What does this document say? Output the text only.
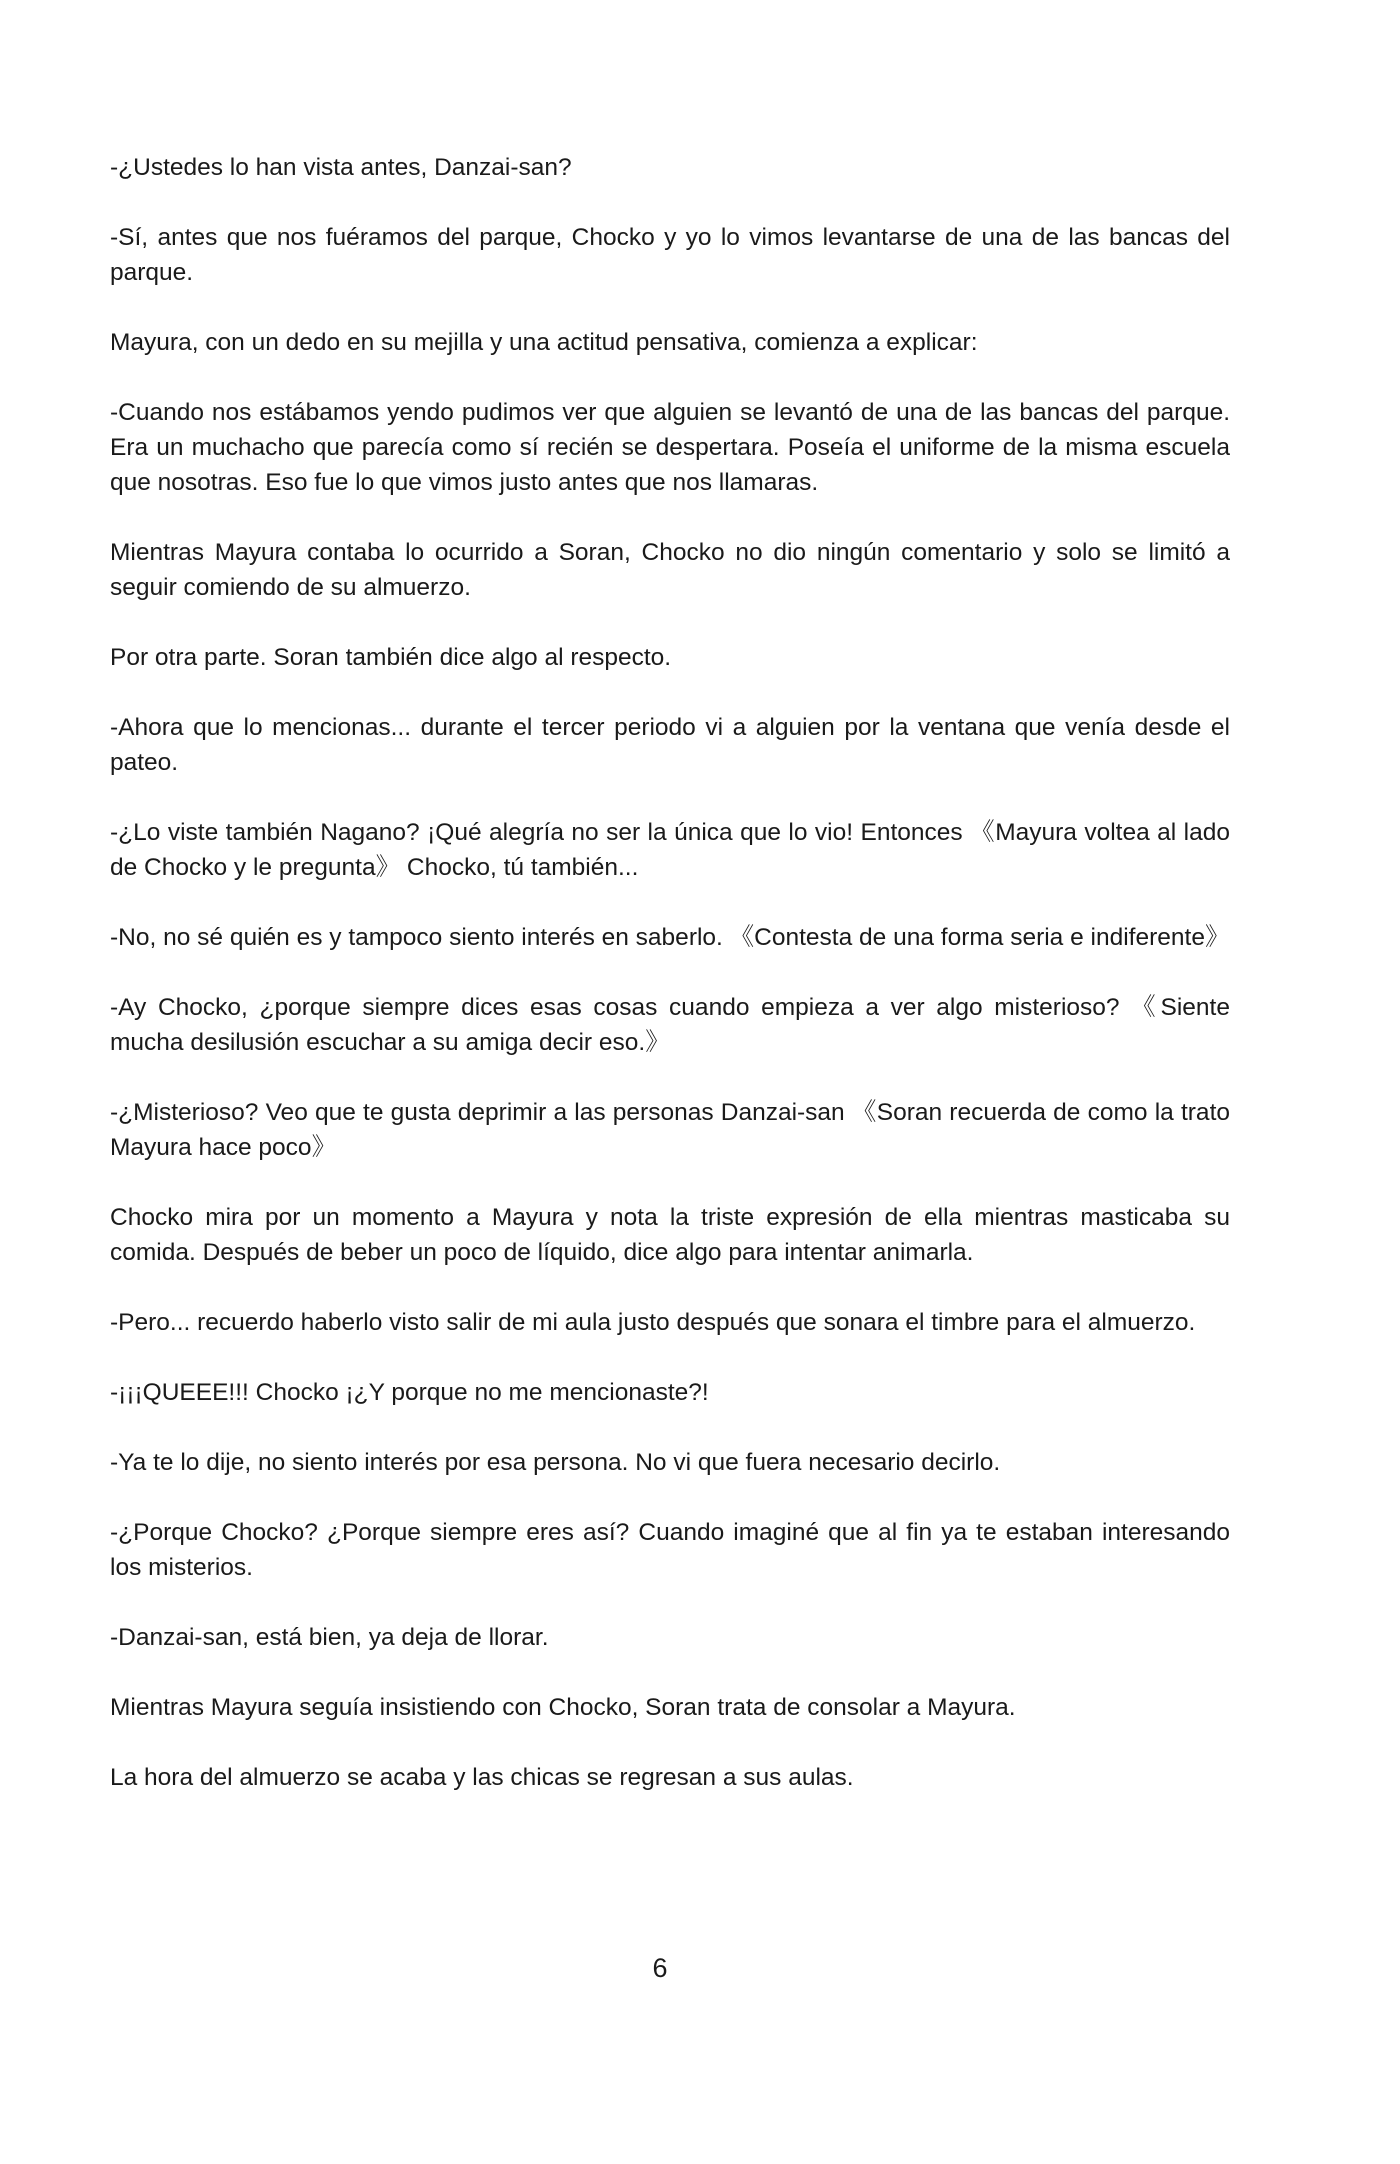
-¿Ustedes lo han vista antes, Danzai-san?

-Sí, antes que nos fuéramos del parque, Chocko y yo lo vimos levantarse de una de las bancas del parque.

Mayura, con un dedo en su mejilla y una actitud pensativa, comienza a explicar:

-Cuando nos estábamos yendo pudimos ver que alguien se levantó de una de las bancas del parque. Era un muchacho que parecía como sí recién se despertara. Poseía el uniforme de la misma escuela que nosotras. Eso fue lo que vimos justo antes que nos llamaras.

Mientras Mayura contaba lo ocurrido a Soran, Chocko no dio ningún comentario y solo se limitó a seguir comiendo de su almuerzo.

Por otra parte. Soran también dice algo al respecto.

-Ahora que lo mencionas... durante el tercer periodo vi a alguien por la ventana que venía desde el pateo.

-¿Lo viste también Nagano? ¡Qué alegría no ser la única que lo vio! Entonces 《Mayura voltea al lado de Chocko y le pregunta》 Chocko, tú también...

-No, no sé quién es y tampoco siento interés en saberlo. 《Contesta de una forma seria e indiferente》

-Ay Chocko, ¿porque siempre dices esas cosas cuando empieza a ver algo misterioso? 《Siente mucha desilusión escuchar a su amiga decir eso.》

-¿Misterioso? Veo que te gusta deprimir a las personas Danzai-san 《Soran recuerda de como la trato Mayura hace poco》

Chocko mira por un momento a Mayura y nota la triste expresión de ella mientras masticaba su comida. Después de beber un poco de líquido, dice algo para intentar animarla.

-Pero... recuerdo haberlo visto salir de mi aula justo después que sonara el timbre para el almuerzo.

-¡¡¡QUEEE!!! Chocko ¡¿Y porque no me mencionaste?!

-Ya te lo dije, no siento interés por esa persona. No vi que fuera necesario decirlo.

-¿Porque Chocko? ¿Porque siempre eres así? Cuando imaginé que al fin ya te estaban interesando los misterios.

-Danzai-san, está bien, ya deja de llorar.

Mientras Mayura seguía insistiendo con Chocko, Soran trata de consolar a Mayura.

La hora del almuerzo se acaba y las chicas se regresan a sus aulas.

6
